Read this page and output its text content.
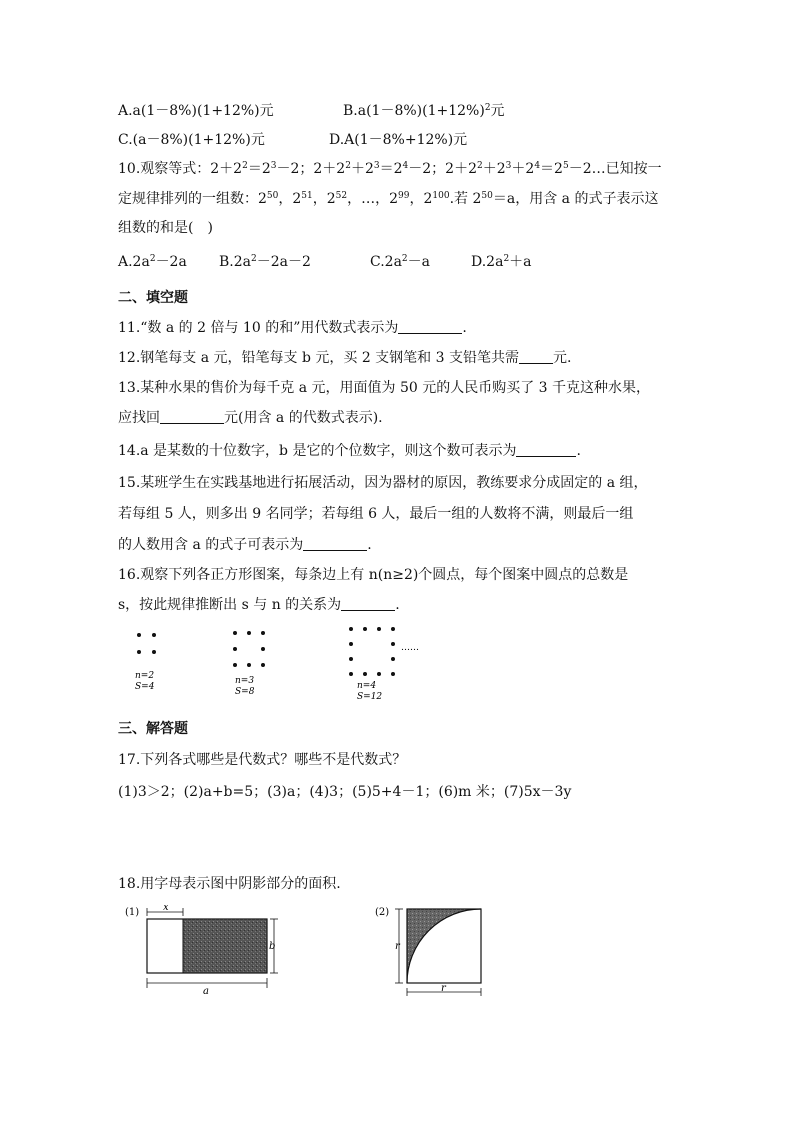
A.a(1－8%)(1+12%)元	$B.a(1-8\%)(1+12\%)^2$元
C.(a－8%)(1+12%)元	D.A(1－8%+12%)元
10.观察等式：$2+2^2=2^3-2$；$2+2^2+2^3=2^4-2$；$2+2^2+2^3+2^4=2^5-2\dots$已知按一
定规律排列的一组数：$2^{50}$，$2^{51}$，$2^{52}$，…，$2^{99}$，$2^{100}$.若 $2^{50}=a$，用含 a 的式子表示这
组数的和是(　)
$A.2a^2-2a$ $B.2a^2-2a-2$	$C.2a^2-a$	$D.2a^2+a$
二、填空题
11.“数 a 的 2 倍与 10 的和”用代数式表示为	.
12.钢笔每支 a 元，铅笔每支 b 元，买 2 支钢笔和 3 支铅笔共需 元.
13.某种水果的售价为每千克 a 元，用面值为 50 元的人民币购买了 3 千克这种水果，
应找回	元(用含 a 的代数式表示).
14.a 是某数的十位数字，b 是它的个位数字，则这个数可表示为	.
15.某班学生在实践基地进行拓展活动，因为器材的原因，教练要求分成固定的 a 组，
若每组 5 人，则多出 9 名同学；若每组 6 人，最后一组的人数将不满，则最后一组
的人数用含 a 的式子可表示为	.
16.观察下列各正方形图案，每条边上有 n(n≥2)个圆点，每个图案中圆点的总数是
s，按此规律推断出 s 与 n 的关系为	.
n=2
S=4
n=3
S=8
……
n=4
S=12
三、解答题
17.下列各式哪些是代数式？哪些不是代数式？
(1)3＞2；(2)a+b=5；(3)a；(4)3；(5)5+4－1；(6)m 米；(7)5x－3y
18.用字母表示图中阴影部分的面积.
(1) x
b
a
(2)
r
r
